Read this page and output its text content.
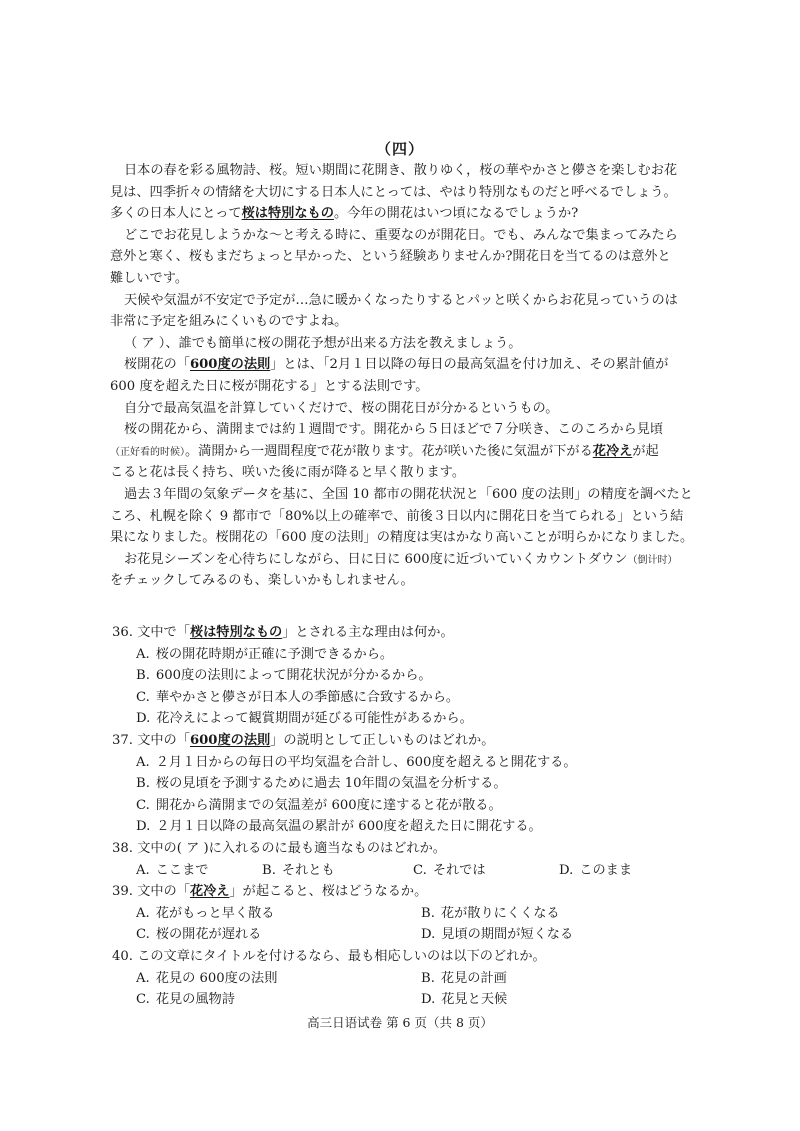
（四）
日本の春を彩る風物詩、桜。短い期間に花開き、散りゆく，桜の華やかさと儚さを楽しむお花
見は、四季折々の情緒を大切にする日本人にとっては、やはり特別なものだと呼べるでしょう。
多くの日本人にとって桜は特別なもの。今年の開花はいつ頃になるでしょうか?
どこでお花見しようかな～と考える時に、重要なのが開花日。でも、みんなで集まってみたら
意外と寒く、桜もまだちょっと早かった、という経験ありませんか?開花日を当てるのは意外と
難しいです。
天候や気温が不安定で予定が…急に暖かくなったりするとパッと咲くからお花見っていうのは
非常に予定を組みにくいものですよね。
（ ア ）、誰でも簡単に桜の開花予想が出来る方法を教えましょう。
桜開花の「600度の法則」とは、「2月１日以降の毎日の最高気温を付け加え、その累計値が
600 度を超えた日に桜が開花する」とする法則です。
自分で最高気温を計算していくだけで、桜の開花日が分かるというもの。
桜の開花から、満開までは約１週間です。開花から５日ほどで７分咲き、このころから見頃
（正好看的时候）。満開から一週間程度で花が散ります。花が咲いた後に気温が下がる花冷えが起
こると花は長く持ち、咲いた後に雨が降ると早く散ります。
過去３年間の気象データを基に、全国 10 都市の開花状況と「600 度の法則」の精度を調べたと
ころ、札幌を除く 9 都市で「80%以上の確率で、前後３日以内に開花日を当てられる」という結
果になりました。桜開花の「600 度の法則」の精度は実はかなり高いことが明らかになりました。
お花見シーズンを心待ちにしながら、日に日に 600度に近づいていくカウントダウン（倒计时）
をチェックしてみるのも、楽しいかもしれません。
36. 文中で「桜は特別なもの」とされる主な理由は何か。
A. 桜の開花時期が正確に予測できるから。
B. 600度の法則によって開花状況が分かるから。
C. 華やかさと儚さが日本人の季節感に合致するから。
D. 花冷えによって観賞期間が延びる可能性があるから。
37. 文中の「600度の法則」の説明として正しいものはどれか。
A. ２月１日からの毎日の平均気温を合計し、600度を超えると開花する。
B. 桜の見頃を予測するために過去 10年間の気温を分析する。
C. 開花から満開までの気温差が 600度に達すると花が散る。
D. ２月１日以降の最高気温の累計が 600度を超えた日に開花する。
38. 文中の( ア )に入れるのに最も適当なものはどれか。
A. ここまで	B. それとも	C. それでは	D. このまま
39. 文中の「花冷え」が起こると、桜はどうなるか。
A. 花がもっと早く散る	B. 花が散りにくくなる
C. 桜の開花が遅れる	D. 見頃の期間が短くなる
40. この文章にタイトルを付けるなら、最も相応しいのは以下のどれか。
A. 花見の 600度の法則	B. 花見の計画
C. 花見の風物詩	D. 花見と天候
高三日语试卷 第 6 页（共 8 页）
